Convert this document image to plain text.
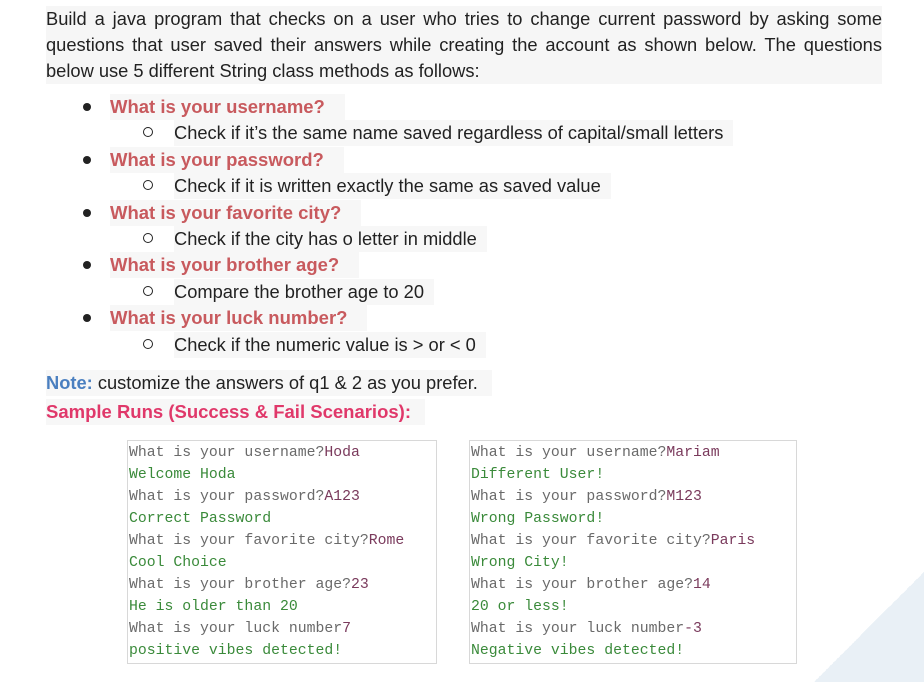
Build a java program that checks on a user who tries to change current password by asking some questions that user saved their answers while creating the account as shown below. The questions below use 5 different String class methods as follows:

What is your username?
Check if it’s the same name saved regardless of capital/small letters
What is your password?
Check if it is written exactly the same as saved value
What is your favorite city?
Check if the city has o letter in middle
What is your brother age?
Compare the brother age to 20
What is your luck number?
Check if the numeric value is > or < 0
Note: customize the answers of q1 & 2 as you prefer.
Sample Runs (Success & Fail Scenarios):
What is your username?Hoda
Welcome Hoda
What is your password?A123
Correct Password
What is your favorite city?Rome
Cool Choice
What is your brother age?23
He is older than 20
What is your luck number7
positive vibes detected!
What is your username?Mariam
Different User!
What is your password?M123
Wrong Password!
What is your favorite city?Paris
Wrong City!
What is your brother age?14
20 or less!
What is your luck number-3
Negative vibes detected!
